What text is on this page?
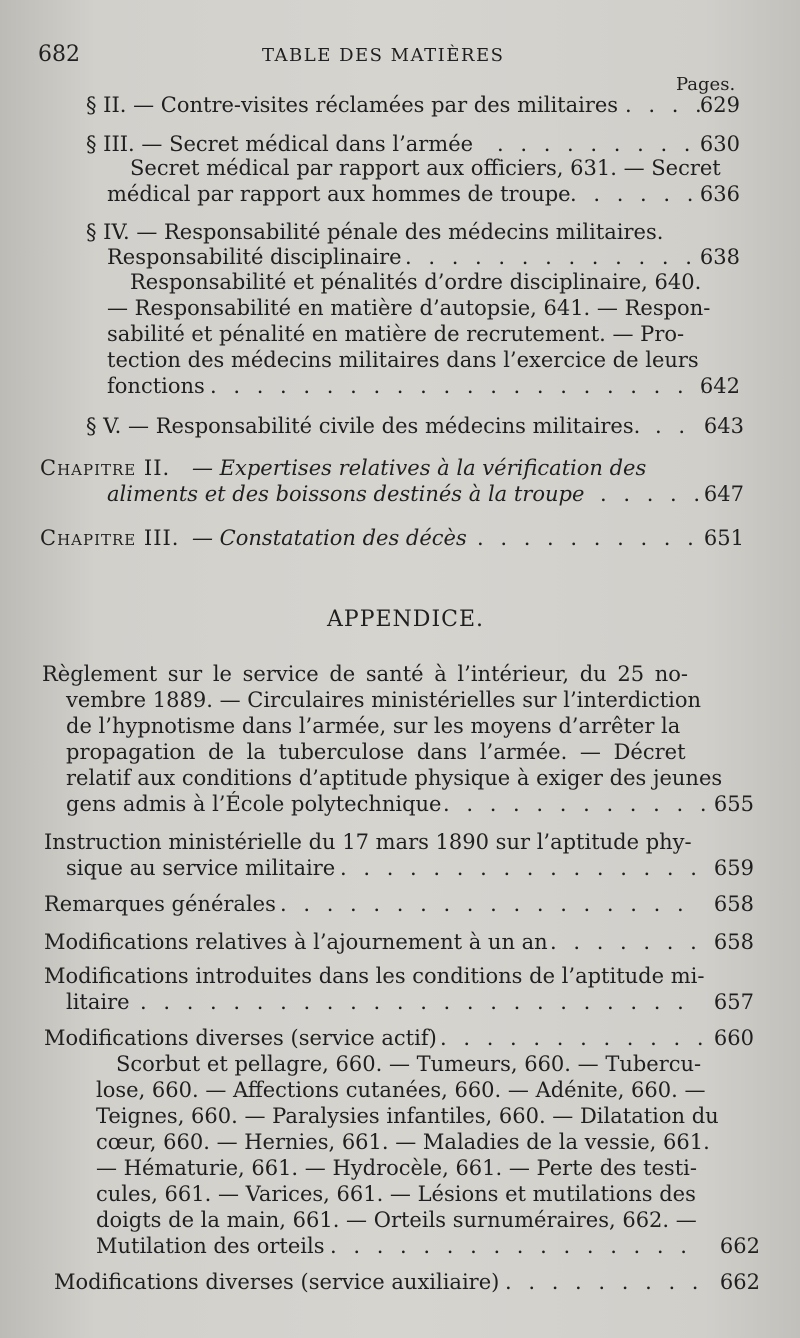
682	TABLE DES MATIÈRES
Pages.
§ II. — Contre-visites réclamées par des militaires . . .	629
§ III. — Secret médical dans l’armée . . .	630
Secret médical par rapport aux officiers, 631. — Secret
médical par rapport aux hommes de troupe . . .	636
§ IV. — Responsabilité pénale des médecins militaires.
Responsabilité disciplinaire . . .	638
Responsabilité et pénalités d’ordre disciplinaire, 640.
— Responsabilité en matière d’autopsie, 641. — Respon-
sabilité et pénalité en matière de recrutement. — Pro-
tection des médecins militaires dans l’exercice de leurs
fonctions . . .	642
§ V. — Responsabilité civile des médecins militaires. . . .	643
Chapitre II. — Expertises relatives à la vérification des
aliments et des boissons destinés à la troupe . . .	647
Chapitre III. — Constatation des décès . . .	651
APPENDICE.
Règlement sur le service de santé à l’intérieur, du 25 no-
vembre 1889. — Circulaires ministérielles sur l’interdiction
de l’hypnotisme dans l’armée, sur les moyens d’arrêter la
propagation de la tuberculose dans l’armée. — Décret
relatif aux conditions d’aptitude physique à exiger des jeunes
gens admis à l’École polytechnique . . .	655
Instruction ministérielle du 17 mars 1890 sur l’aptitude phy-
sique au service militaire . . .	659
Remarques générales . . .	658
Modifications relatives à l’ajournement à un an . . .	658
Modifications introduites dans les conditions de l’aptitude mi-
litaire . . .	657
Modifications diverses (service actif) . . .	660
Scorbut et pellagre, 660. — Tumeurs, 660. — Tubercu-
lose, 660. — Affections cutanées, 660. — Adénite, 660. —
Teignes, 660. — Paralysies infantiles, 660. — Dilatation du
cœur, 660. — Hernies, 661. — Maladies de la vessie, 661.
— Hématurie, 661. — Hydrocèle, 661. — Perte des testi-
cules, 661. — Varices, 661. — Lésions et mutilations des
doigts de la main, 661. — Orteils surnuméraires, 662. —
Mutilation des orteils . . .	662
Modifications diverses (service auxiliaire) . . .	662
